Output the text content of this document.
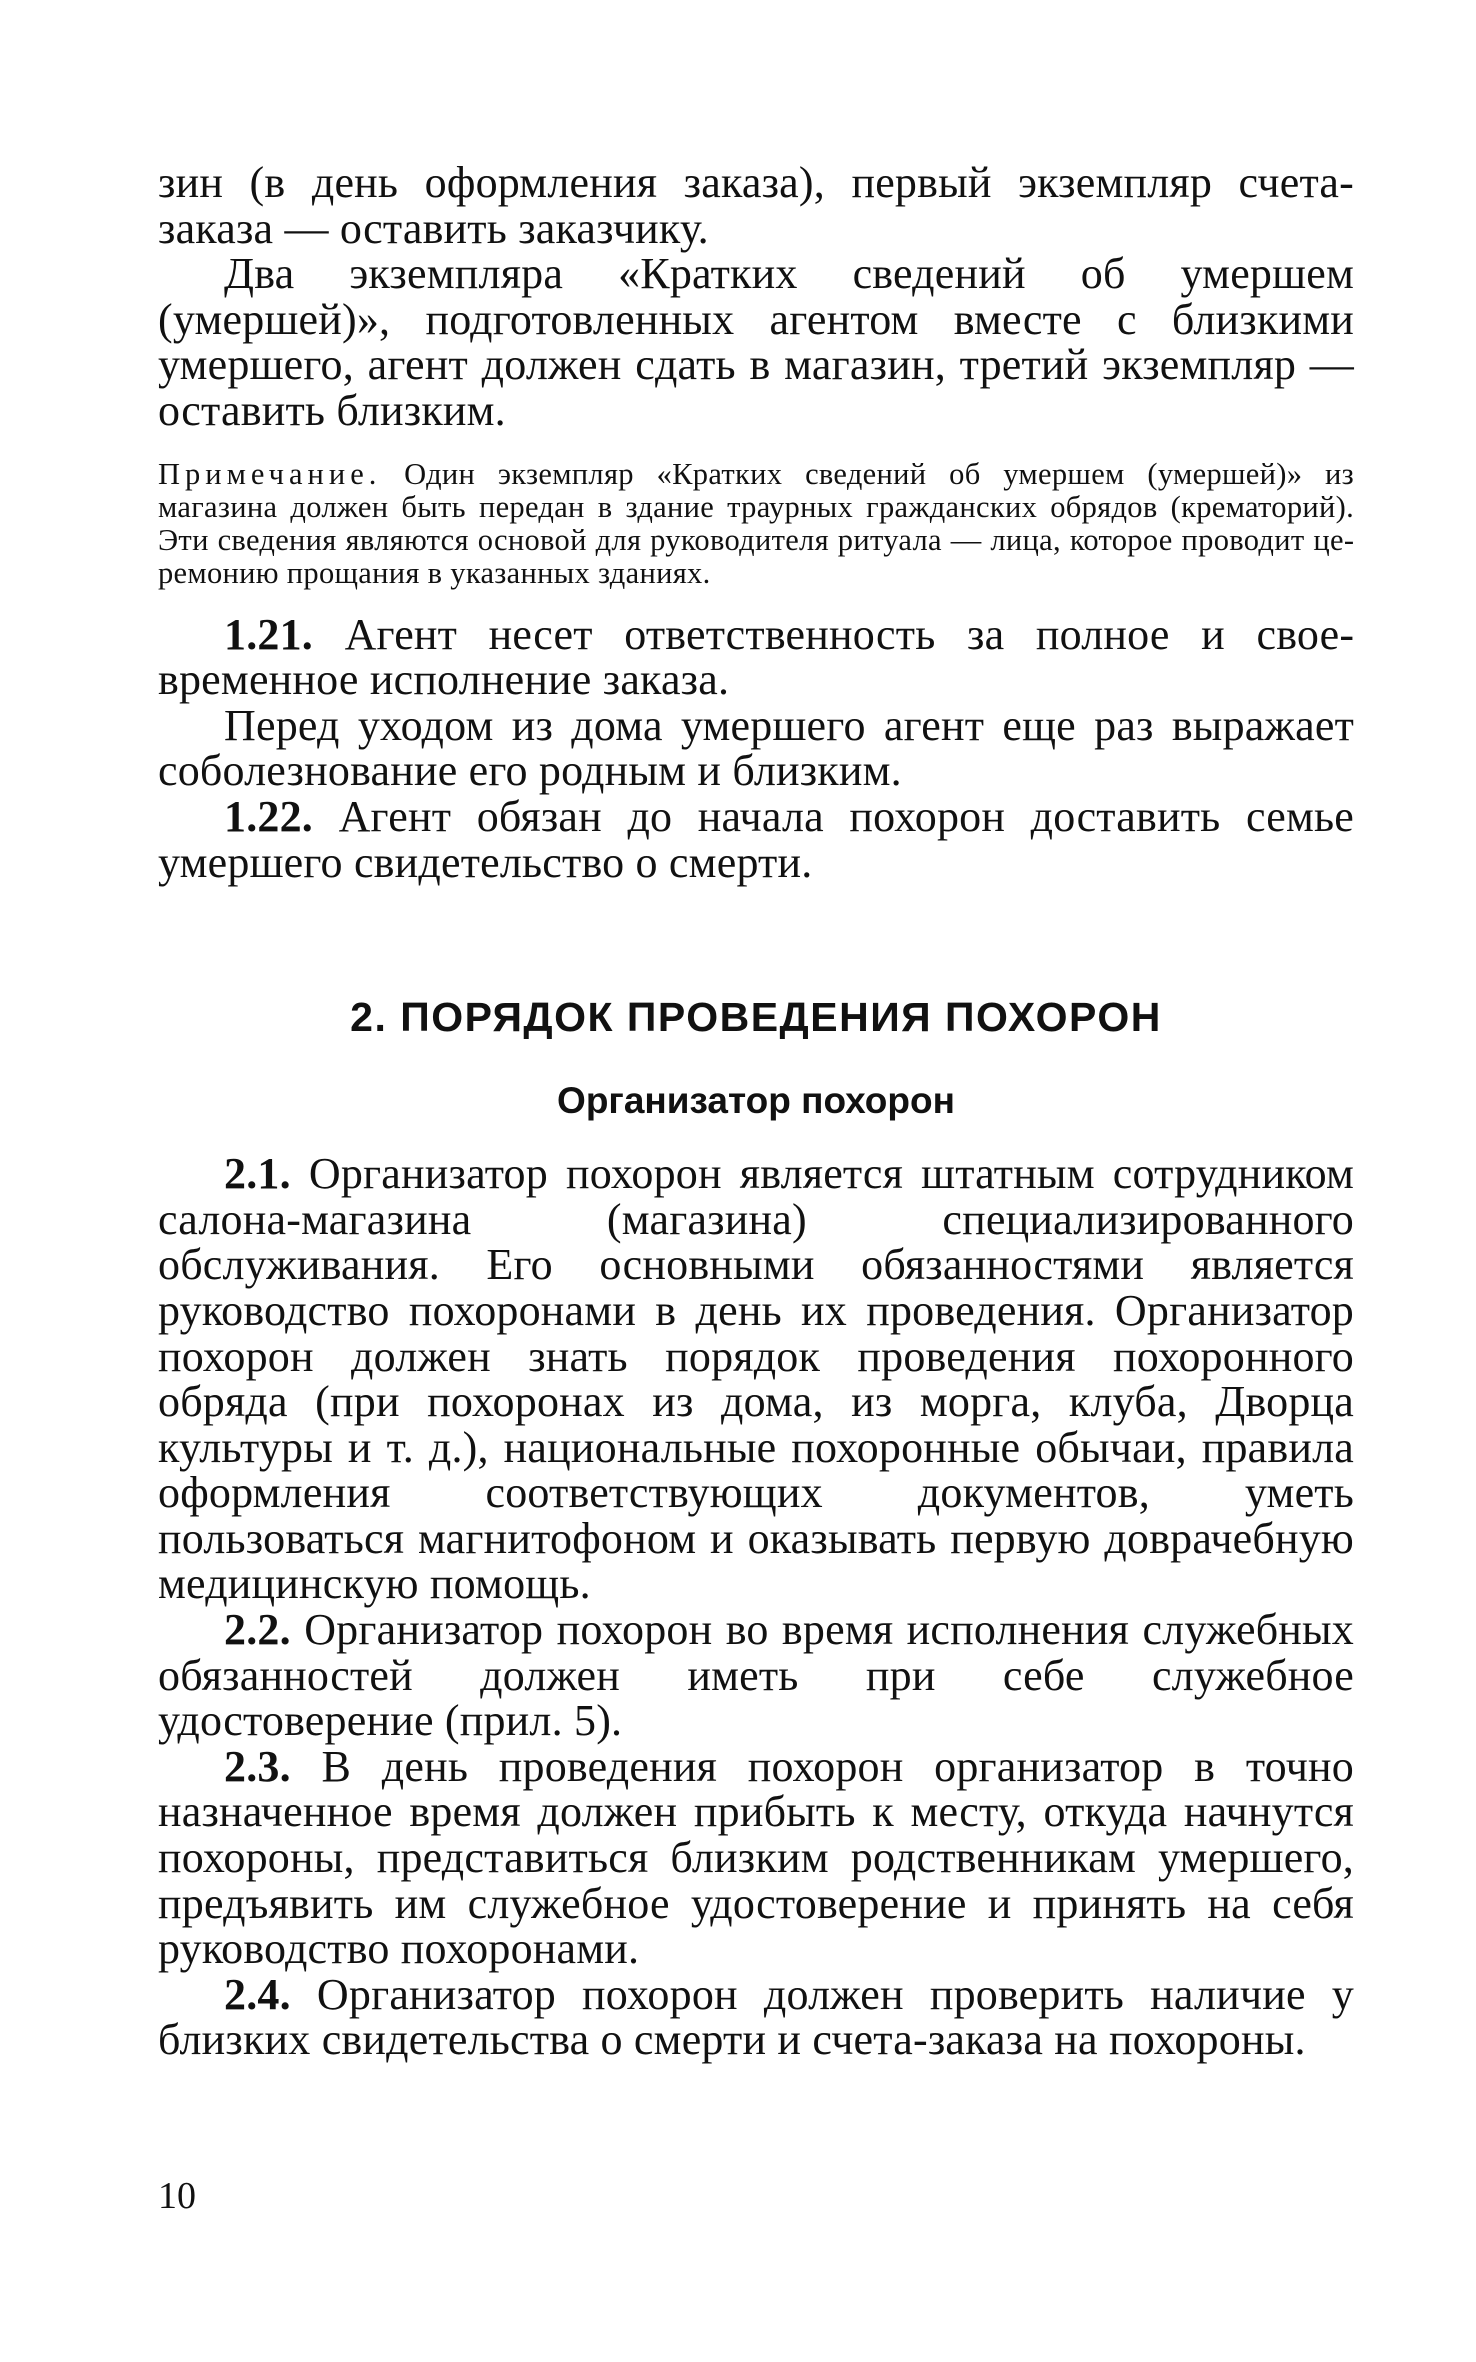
зин (в день оформления заказа), первый экземпляр счета-заказа — оставить заказчику.

Два экземпляра «Кратких сведений об умершем (умершей)», подготовленных агентом вместе с близкими умершего, агент должен сдать в магазин, третий экземпляр — оставить близким.

Примечание. Один экземпляр «Кратких сведений об умершем (умершей)» из магазина должен быть передан в здание траурных гражданских обрядов (крематорий). Эти сведения являются основой для руководителя ритуала — лица, которое проводит церемонию прощания в указанных зданиях.

1.21. Агент несет ответственность за полное и своевременное исполнение заказа.

Перед уходом из дома умершего агент еще раз выражает соболезнование его родным и близким.

1.22. Агент обязан до начала похорон доставить семье умершего свидетельство о смерти.

2. ПОРЯДОК ПРОВЕДЕНИЯ ПОХОРОН
Организатор похорон

2.1. Организатор похорон является штатным сотрудником салона-магазина (магазина) специализированного обслуживания. Его основными обязанностями является руководство похоронами в день их проведения. Организатор похорон должен знать порядок проведения похоронного обряда (при похоронах из дома, из морга, клуба, Дворца культуры и т. д.), национальные похоронные обычаи, правила оформления соответствующих документов, уметь пользоваться магнитофоном и оказывать первую доврачебную медицинскую помощь.

2.2. Организатор похорон во время исполнения служебных обязанностей должен иметь при себе служебное удостоверение (прил. 5).

2.3. В день проведения похорон организатор в точно назначенное время должен прибыть к месту, откуда начнутся похороны, представиться близким родственникам умершего, предъявить им служебное удостоверение и принять на себя руководство похоронами.

2.4. Организатор похорон должен проверить наличие у близких свидетельства о смерти и счета-заказа на похороны.

10
